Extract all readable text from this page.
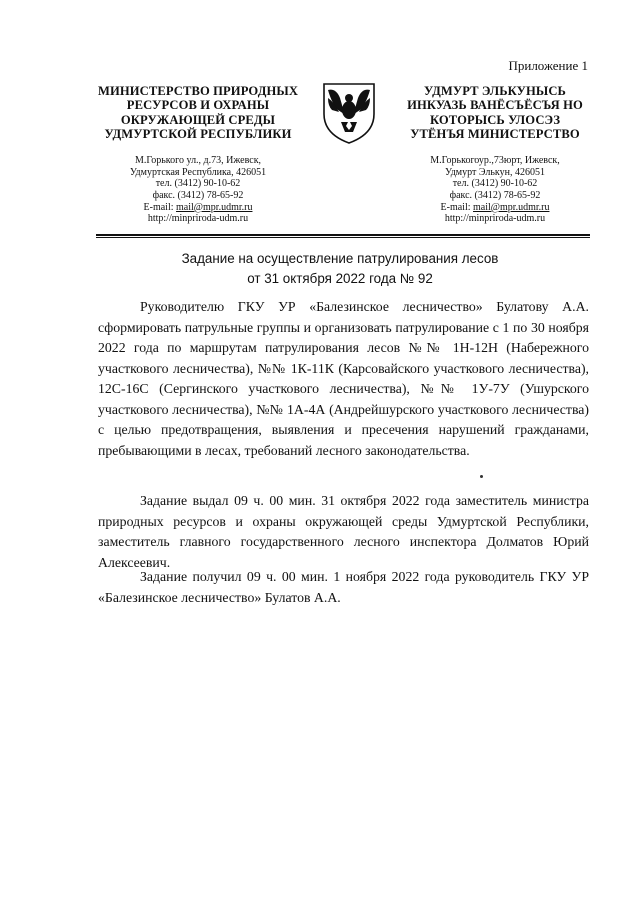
Приложение 1
МИНИСТЕРСТВО ПРИРОДНЫХ
РЕСУРСОВ И ОХРАНЫ
ОКРУЖАЮЩЕЙ СРЕДЫ
УДМУРТСКОЙ РЕСПУБЛИКИ
М.Горького ул., д.73, Ижевск,
Удмуртская Республика, 426051
тел. (3412) 90-10-62
факс. (3412) 78-65-92
E-mail: mail@mpr.udmr.ru
http://minpriroda-udm.ru
УДМУРТ ЭЛЬКУНЫСЬ
ИНКУАЗЬ ВАНЁСЪЁСЪЯ НО
КОТОРЫСЬ УЛОСЭЗ
УТЁНЪЯ МИНИСТЕРСТВО
М.Горькогоур.,73юрт, Ижевск,
Удмурт Элькун, 426051
тел. (3412) 90-10-62
факс. (3412) 78-65-92
E-mail: mail@mpr.udmr.ru
http://minpriroda-udm.ru
Задание на осуществление патрулирования лесов
от 31 октября 2022 года № 92

Руководителю ГКУ УР «Балезинское лесничество» Булатову А.А. сформировать патрульные группы и организовать патрулирование с 1 по 30 ноября 2022 года по маршрутам патрулирования лесов №№ 1Н-12Н (Набережного участкового лесничества), №№ 1К-11К (Карсовайского участкового лесничества), 12С-16С (Сергинского участкового лесничества), №№ 1У-7У (Ушурского участкового лесничества), №№ 1А-4А (Андрейшурского участкового лесничества) с целью предотвращения, выявления и пресечения нарушений гражданами, пребывающими в лесах, требований лесного законодательства.

Задание выдал 09 ч. 00 мин. 31 октября 2022 года заместитель министра природных ресурсов и охраны окружающей среды Удмуртской Республики, заместитель главного государственного лесного инспектора Долматов Юрий Алексеевич.

Задание получил 09 ч. 00 мин. 1 ноября 2022 года руководитель ГКУ УР «Балезинское лесничество» Булатов А.А.
